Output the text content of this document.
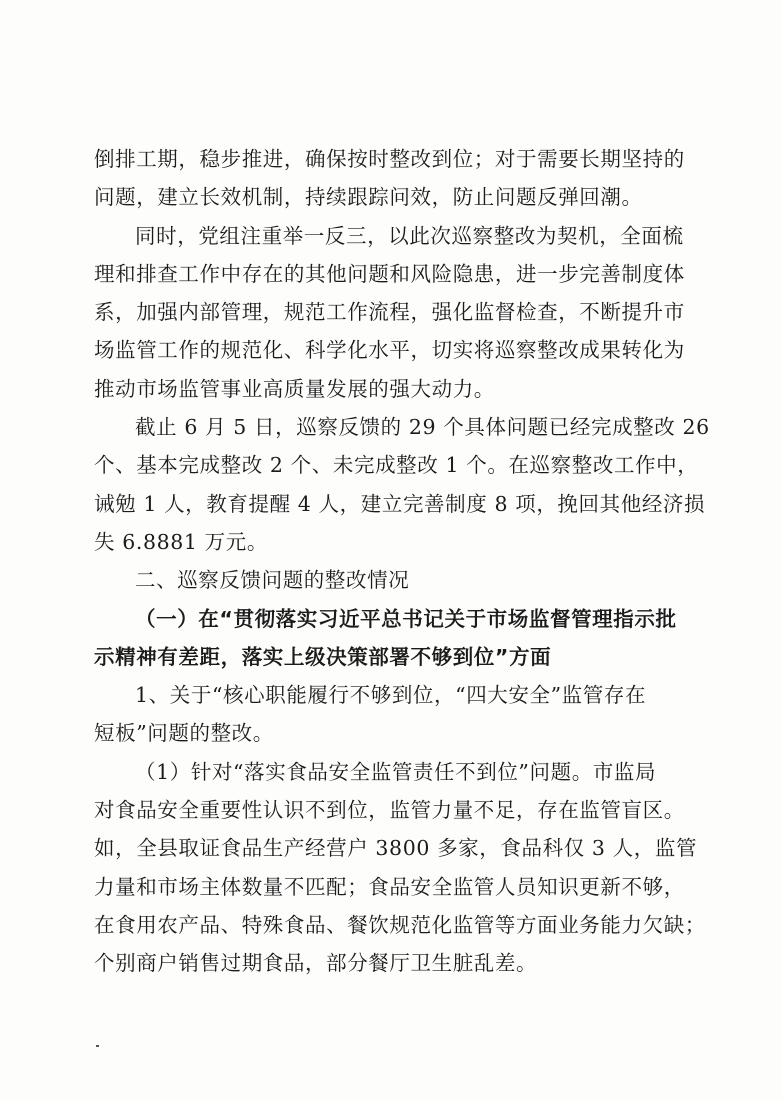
倒排工期，稳步推进，确保按时整改到位；对于需要长期坚持的
问题，建立长效机制，持续跟踪问效，防止问题反弹回潮。
同时，党组注重举一反三，以此次巡察整改为契机，全面梳
理和排查工作中存在的其他问题和风险隐患，进一步完善制度体
系，加强内部管理，规范工作流程，强化监督检查，不断提升市
场监管工作的规范化、科学化水平，切实将巡察整改成果转化为
推动市场监管事业高质量发展的强大动力。
截止 6 月 5 日，巡察反馈的 29 个具体问题已经完成整改 26
个、基本完成整改 2 个、未完成整改 1 个。在巡察整改工作中，
诫勉 1 人，教育提醒 4 人，建立完善制度 8 项，挽回其他经济损
失 6.8881 万元。
二、巡察反馈问题的整改情况
（一）在“贯彻落实习近平总书记关于市场监督管理指示批
示精神有差距，落实上级决策部署不够到位”方面
1、关于“核心职能履行不够到位，“四大安全”监管存在
短板”问题的整改。
（1）针对“落实食品安全监管责任不到位”问题。市监局
对食品安全重要性认识不到位，监管力量不足，存在监管盲区。
如，全县取证食品生产经营户 3800 多家，食品科仅 3 人，监管
力量和市场主体数量不匹配；食品安全监管人员知识更新不够，
在食用农产品、特殊食品、餐饮规范化监管等方面业务能力欠缺；
个别商户销售过期食品，部分餐厅卫生脏乱差。
